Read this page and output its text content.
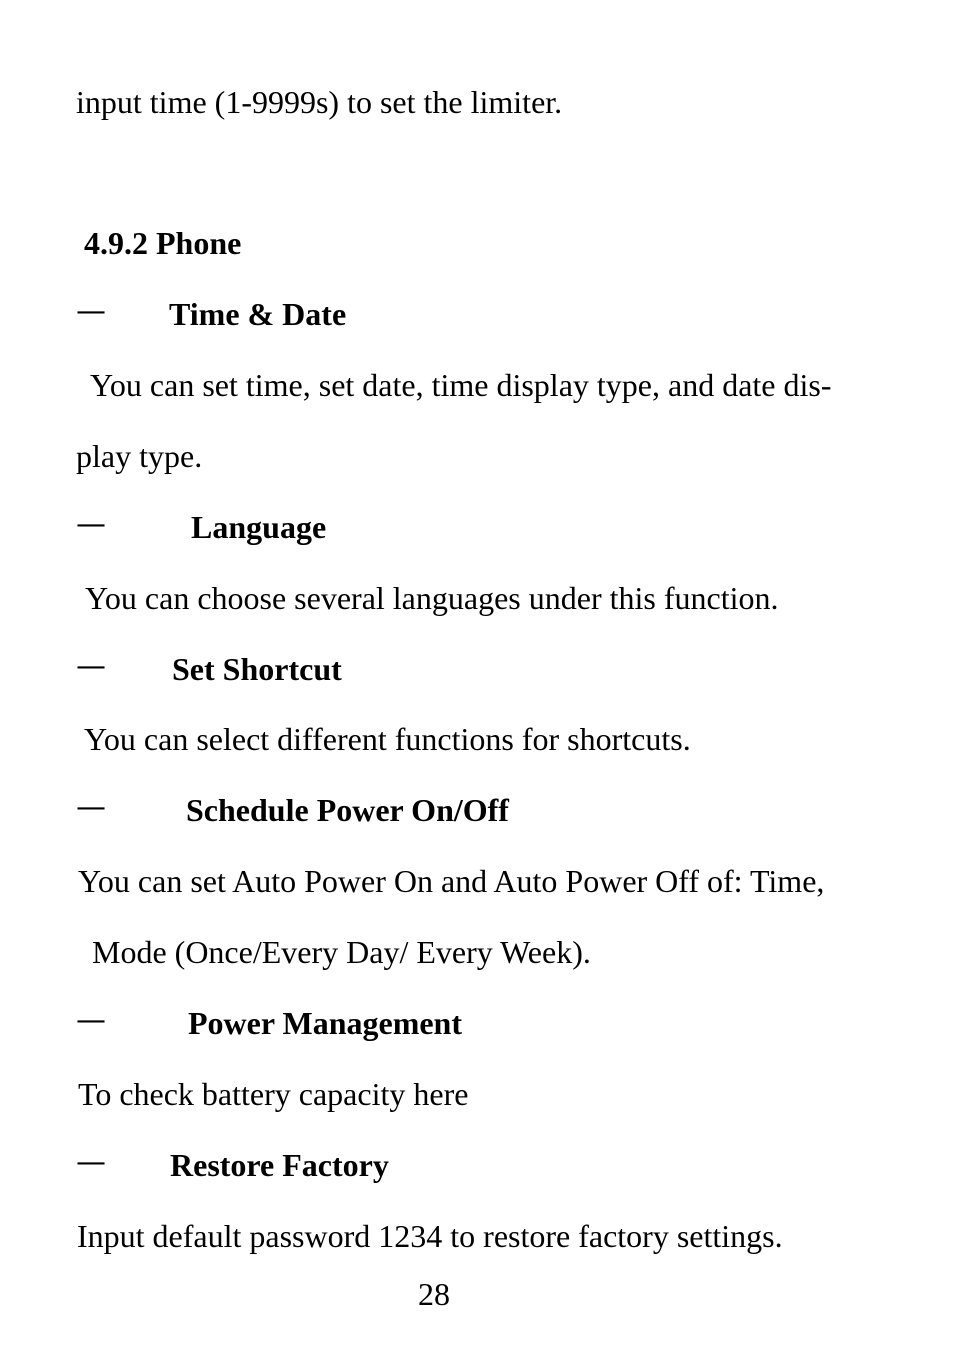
input time (1-9999s) to set the limiter.
4.9.2 Phone
— Time & Date
You can set time, set date, time display type, and date dis-
play type.
—	Language
You can choose several languages under this function.
— Set Shortcut
You can select different functions for shortcuts.
—	Schedule Power On/Off
You can set Auto Power On and Auto Power Off of: Time,
Mode (Once/Every Day/ Every Week).
—	Power Management
To check battery capacity here
— Restore Factory
Input default password 1234 to restore factory settings.
28
